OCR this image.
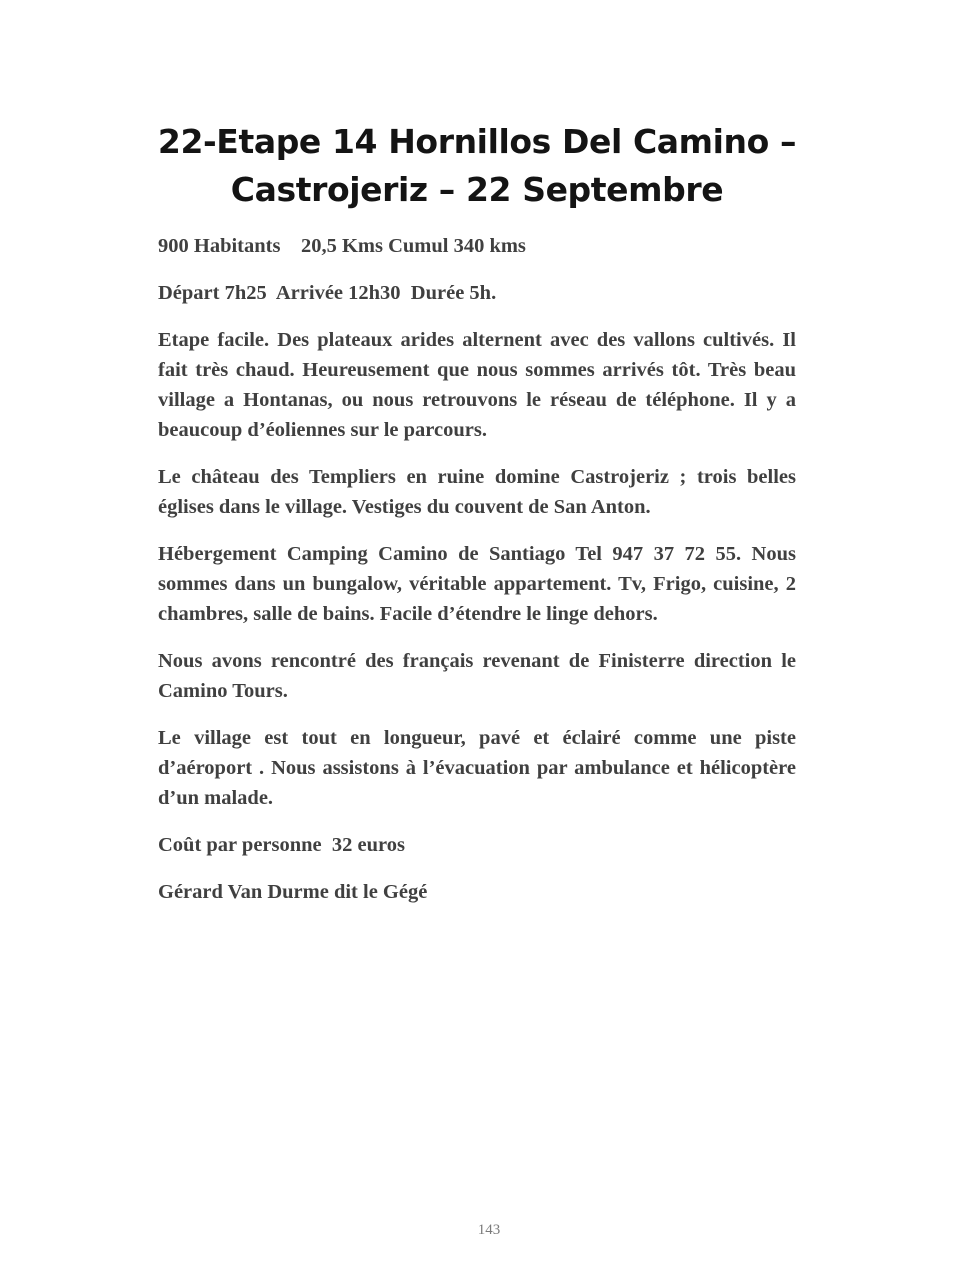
22-Etape 14 Hornillos Del Camino –
Castrojeriz – 22 Septembre

900 Habitants    20,5 Kms Cumul 340 kms

Départ 7h25  Arrivée 12h30  Durée 5h.

Etape facile. Des plateaux arides alternent avec des vallons cultivés. Il fait très chaud. Heureusement que nous sommes arrivés tôt. Très beau village a Hontanas, ou nous retrouvons le réseau de téléphone. Il y a beaucoup d’éoliennes sur le parcours.

Le château des Templiers en ruine domine Castrojeriz ; trois belles églises dans le village. Vestiges du couvent de San Anton.

Hébergement Camping Camino de Santiago Tel 947 37 72 55. Nous sommes dans un bungalow, véritable appartement. Tv, Frigo, cuisine, 2 chambres, salle de bains. Facile d’étendre le linge dehors.

Nous avons rencontré des français revenant de Finisterre direction le Camino Tours.

Le village est tout en longueur, pavé et éclairé comme une piste d’aéroport . Nous assistons à l’évacuation par ambulance et hélicoptère d’un malade.

Coût par personne  32 euros

Gérard Van Durme dit le Gégé

143
